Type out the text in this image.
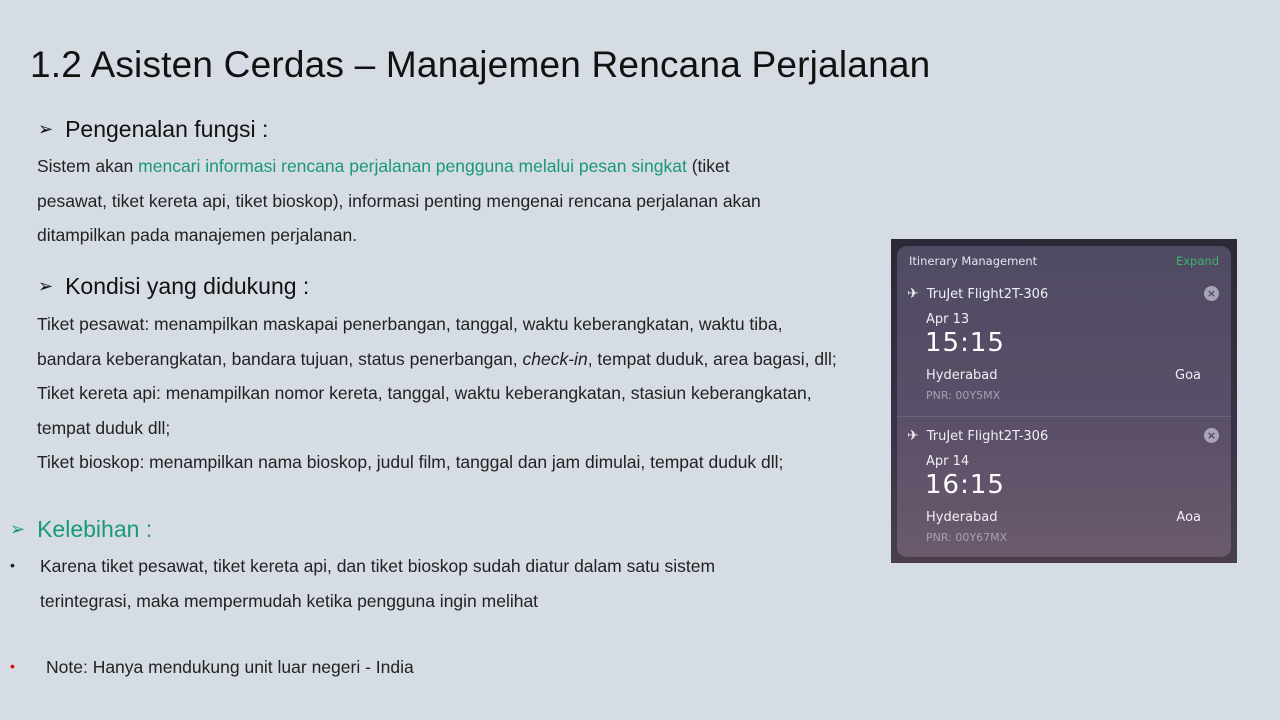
1.2 Asisten Cerdas – Manajemen Rencana Perjalanan
➢ Pengenalan fungsi :
Sistem akan mencari informasi rencana perjalanan pengguna melalui pesan singkat (tiket
pesawat, tiket kereta api, tiket bioskop), informasi penting mengenai rencana perjalanan akan
ditampilkan pada manajemen perjalanan.
➢ Kondisi yang didukung :
Tiket pesawat: menampilkan maskapai penerbangan, tanggal, waktu keberangkatan, waktu tiba,
bandara keberangkatan, bandara tujuan, status penerbangan, check-in, tempat duduk, area bagasi, dll;
Tiket kereta api: menampilkan nomor kereta, tanggal, waktu keberangkatan, stasiun keberangkatan,
tempat duduk dll;
Tiket bioskop: menampilkan nama bioskop, judul film, tanggal dan jam dimulai, tempat duduk dll;
➢ Kelebihan :
• Karena tiket pesawat, tiket kereta api, dan tiket bioskop sudah diatur dalam satu sistem
terintegrasi, maka mempermudah ketika pengguna ingin melihat
• Note: Hanya mendukung unit luar negeri - India
Itinerary Management	Expand
✈ TruJet Flight2T-306	×
Apr 13
15:15
Hyderabad	Goa
PNR: 00Y5MX
✈ TruJet Flight2T-306	×
Apr 14
16:15
Hyderabad	Aoa
PNR: 00Y67MX
